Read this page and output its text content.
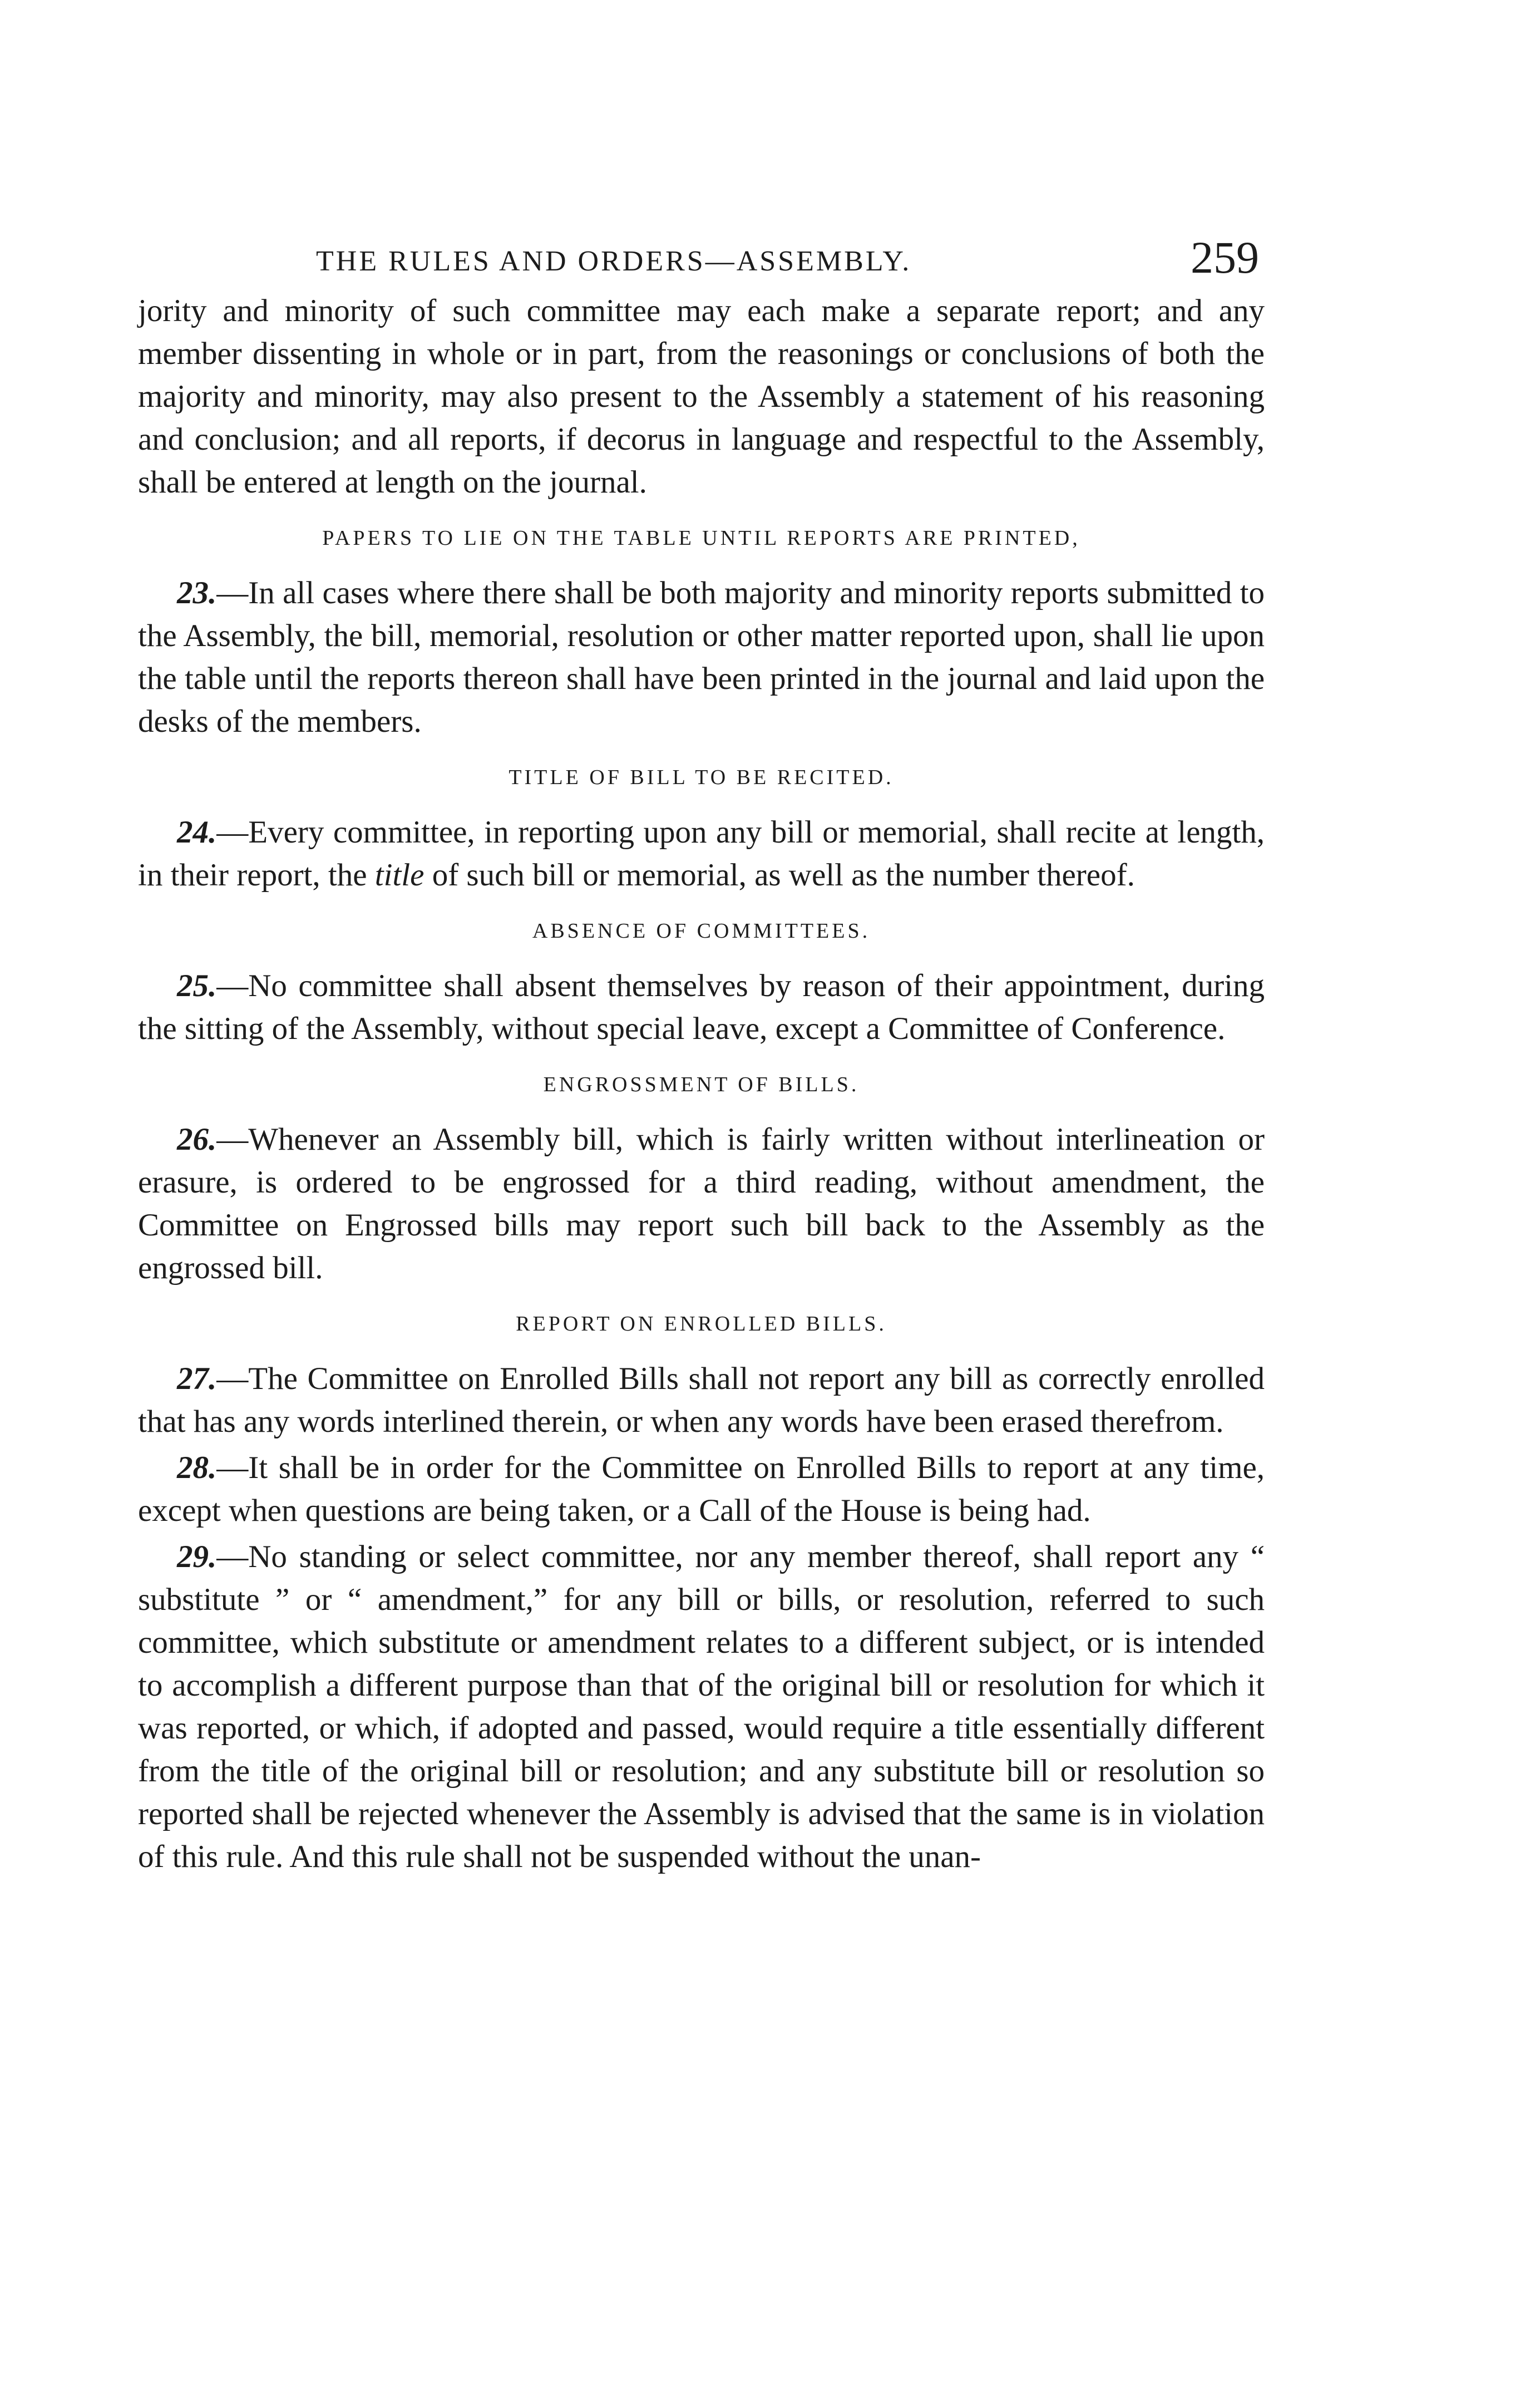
THE RULES AND ORDERS—ASSEMBLY.	259

jority and minority of such committee may each make a separate report; and any member dissenting in whole or in part, from the reasonings or conclusions of both the majority and minority, may also present to the Assembly a statement of his reasoning and conclusion; and all reports, if decorus in language and respectful to the Assembly, shall be entered at length on the journal.

PAPERS TO LIE ON THE TABLE UNTIL REPORTS ARE PRINTED,

23.—In all cases where there shall be both majority and minority reports submitted to the Assembly, the bill, memorial, resolution or other matter reported upon, shall lie upon the table until the reports thereon shall have been printed in the journal and laid upon the desks of the members.

TITLE OF BILL TO BE RECITED.

24.—Every committee, in reporting upon any bill or memorial, shall recite at length, in their report, the title of such bill or memorial, as well as the number thereof.

ABSENCE OF COMMITTEES.

25.—No committee shall absent themselves by reason of their appointment, during the sitting of the Assembly, without special leave, except a Committee of Conference.

ENGROSSMENT OF BILLS.

26.—Whenever an Assembly bill, which is fairly written without interlineation or erasure, is ordered to be engrossed for a third reading, without amendment, the Committee on Engrossed bills may report such bill back to the Assembly as the engrossed bill.

REPORT ON ENROLLED BILLS.

27.—The Committee on Enrolled Bills shall not report any bill as correctly enrolled that has any words interlined therein, or when any words have been erased therefrom.

28.—It shall be in order for the Committee on Enrolled Bills to report at any time, except when questions are being taken, or a Call of the House is being had.

29.—No standing or select committee, nor any member thereof, shall report any “ substitute ” or “ amendment,” for any bill or bills, or resolution, referred to such committee, which substitute or amendment relates to a different subject, or is intended to accomplish a different purpose than that of the original bill or resolution for which it was reported, or which, if adopted and passed, would require a title essentially different from the title of the original bill or resolution; and any substitute bill or resolution so reported shall be rejected whenever the Assembly is advised that the same is in violation of this rule. And this rule shall not be suspended without the unan-
